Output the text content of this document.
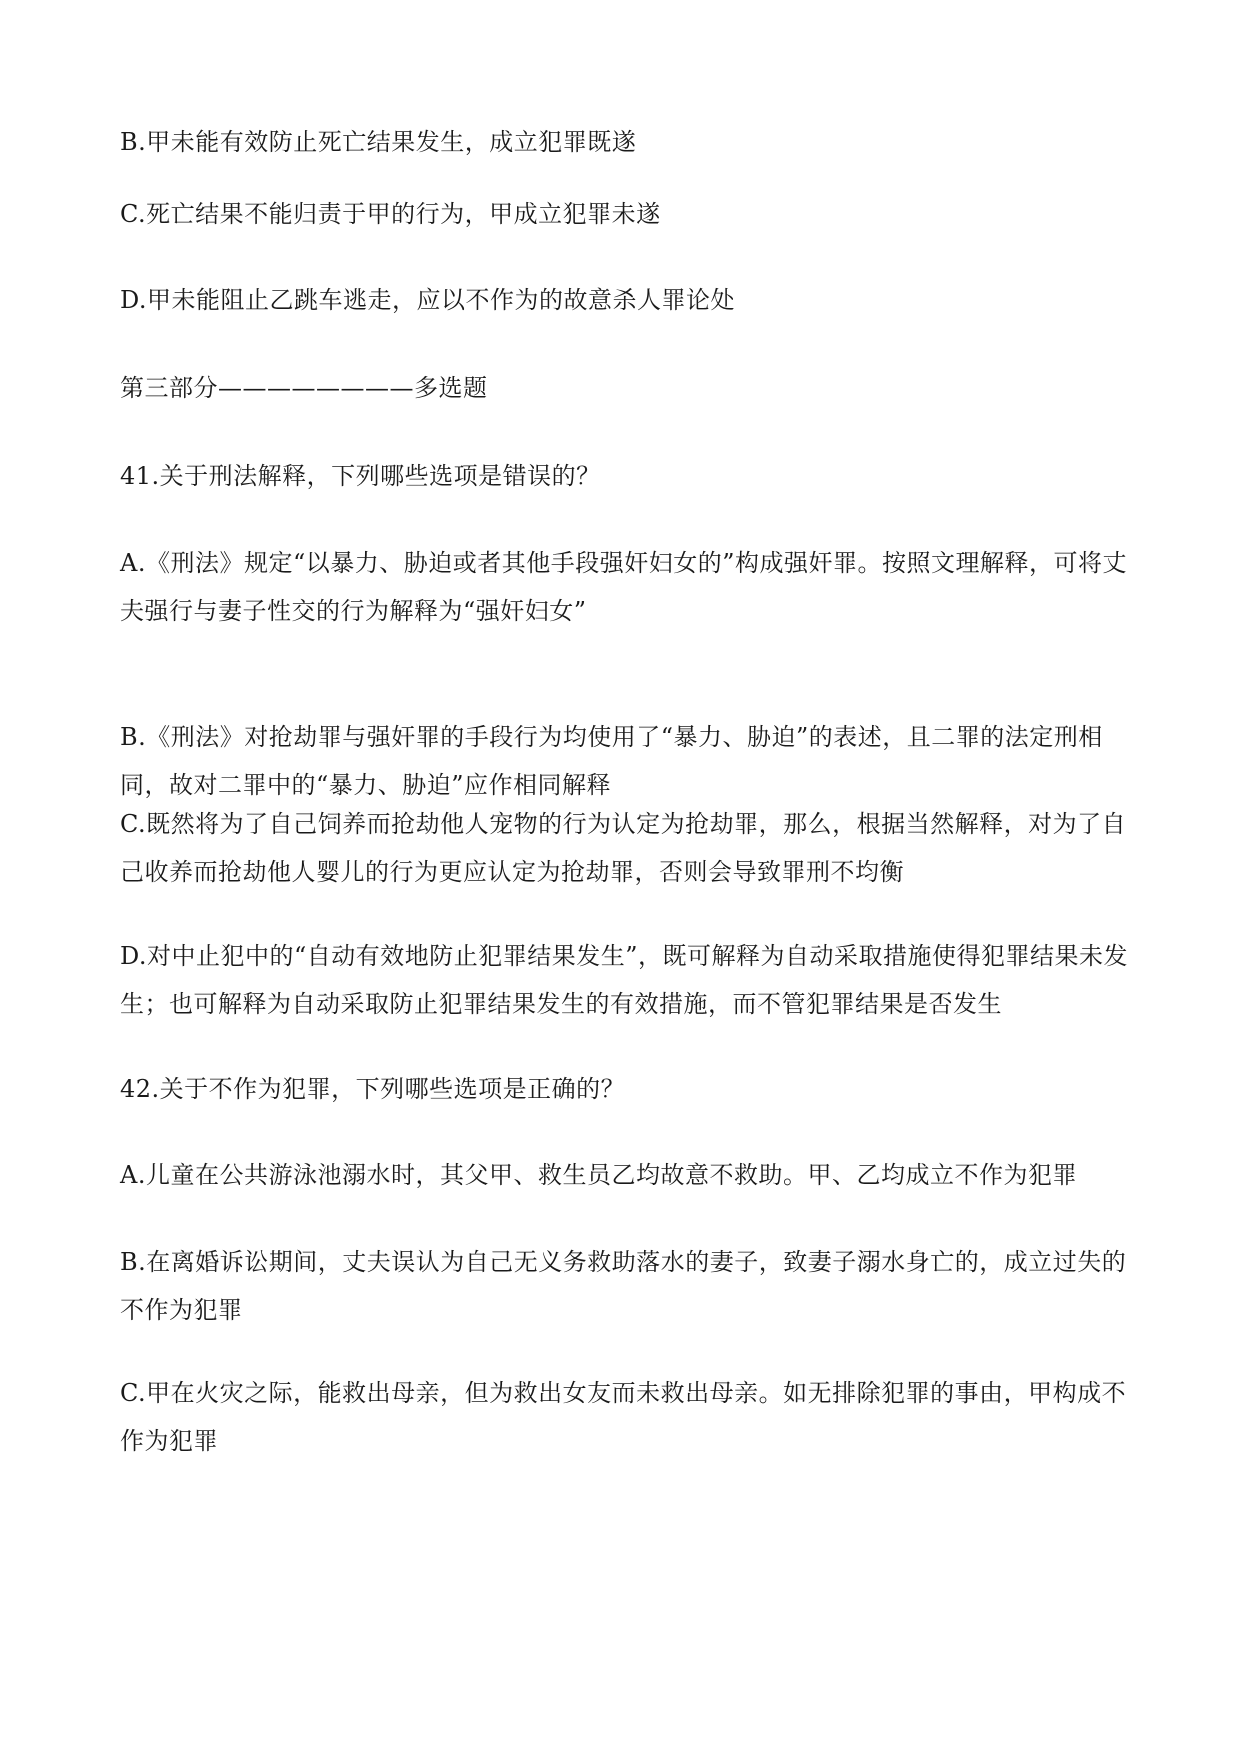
B.甲未能有效防止死亡结果发生，成立犯罪既遂

C.死亡结果不能归责于甲的行为，甲成立犯罪未遂

D.甲未能阻止乙跳车逃走，应以不作为的故意杀人罪论处

第三部分————————多选题

41.关于刑法解释，下列哪些选项是错误的？

A.《刑法》规定“以暴力、胁迫或者其他手段强奸妇女的”构成强奸罪。按照文理解释，可将丈夫强行与妻子性交的行为解释为“强奸妇女”

B.《刑法》对抢劫罪与强奸罪的手段行为均使用了“暴力、胁迫”的表述，且二罪的法定刑相同，故对二罪中的“暴力、胁迫”应作相同解释

C.既然将为了自己饲养而抢劫他人宠物的行为认定为抢劫罪，那么，根据当然解释，对为了自己收养而抢劫他人婴儿的行为更应认定为抢劫罪，否则会导致罪刑不均衡

D.对中止犯中的“自动有效地防止犯罪结果发生”，既可解释为自动采取措施使得犯罪结果未发生；也可解释为自动采取防止犯罪结果发生的有效措施，而不管犯罪结果是否发生

42.关于不作为犯罪，下列哪些选项是正确的？

A.儿童在公共游泳池溺水时，其父甲、救生员乙均故意不救助。甲、乙均成立不作为犯罪

B.在离婚诉讼期间，丈夫误认为自己无义务救助落水的妻子，致妻子溺水身亡的，成立过失的不作为犯罪

C.甲在火灾之际，能救出母亲，但为救出女友而未救出母亲。如无排除犯罪的事由，甲构成不作为犯罪
